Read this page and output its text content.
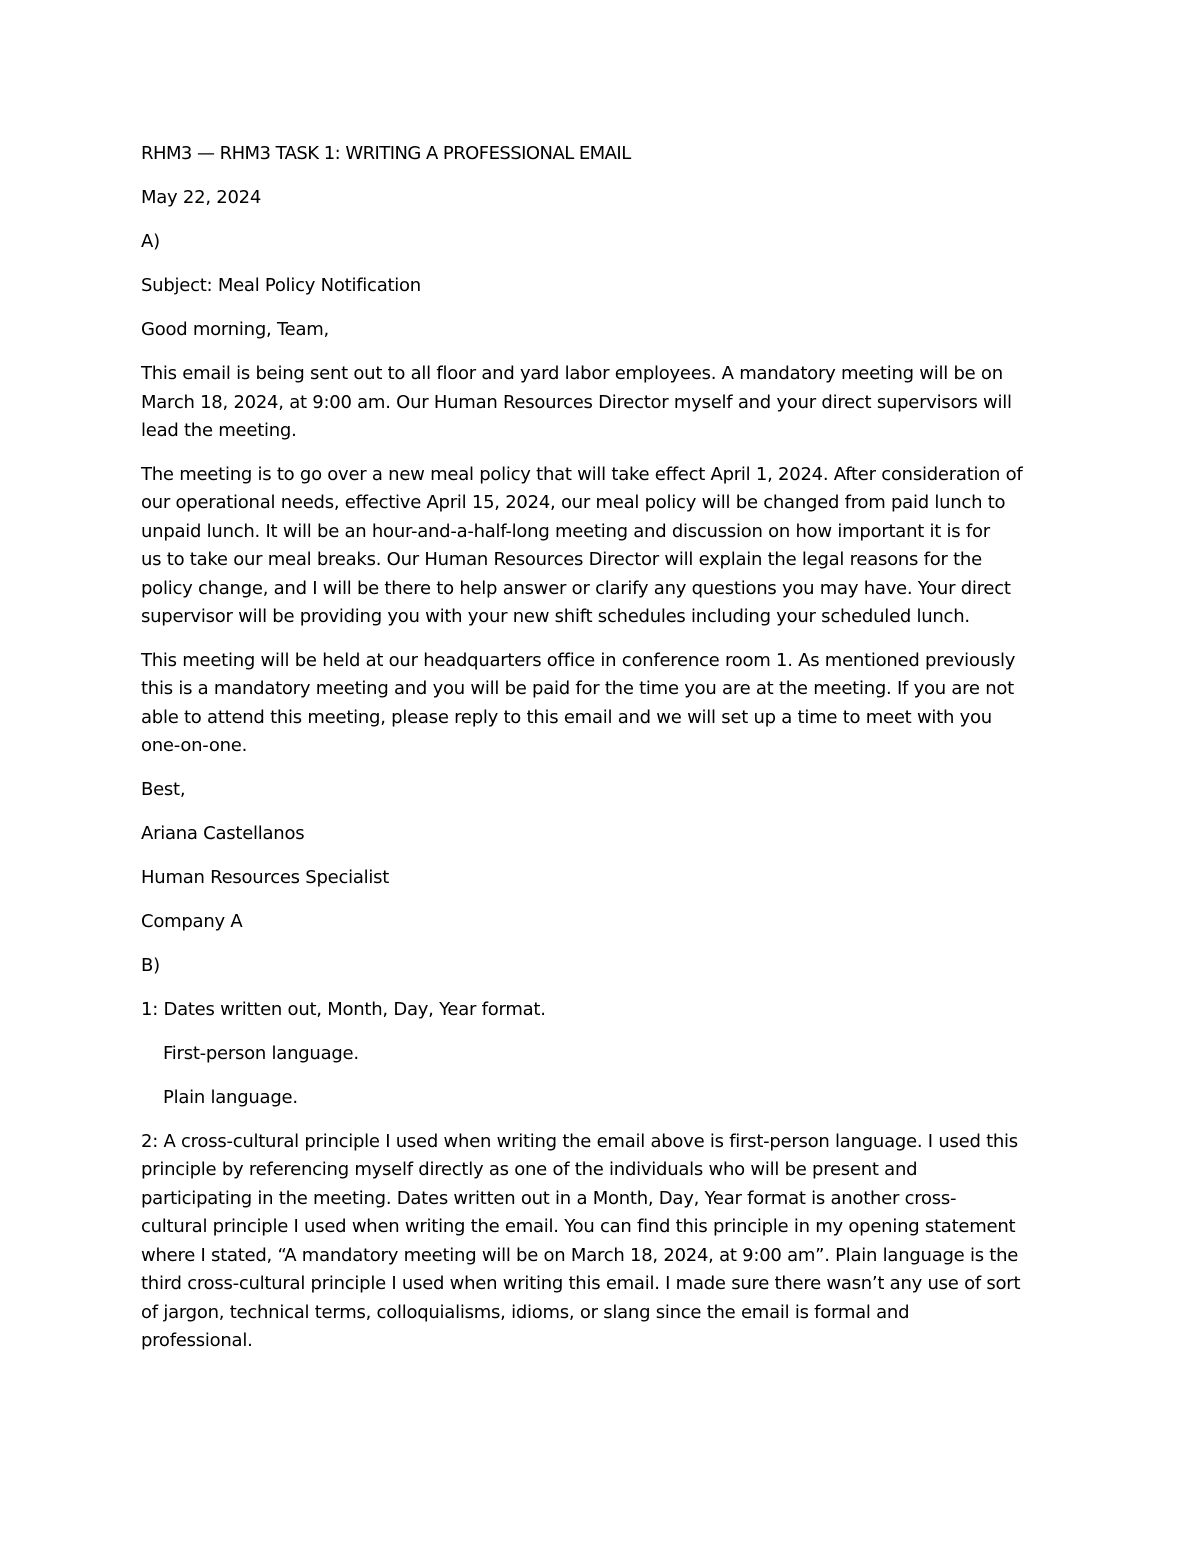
RHM3 — RHM3 TASK 1: WRITING A PROFESSIONAL EMAIL

May 22, 2024

A)

Subject: Meal Policy Notification

Good morning, Team,

This email is being sent out to all floor and yard labor employees. A mandatory meeting will be on
March 18, 2024, at 9:00 am. Our Human Resources Director myself and your direct supervisors will
lead the meeting.
The meeting is to go over a new meal policy that will take effect April 1, 2024. After consideration of
our operational needs, effective April 15, 2024, our meal policy will be changed from paid lunch to
unpaid lunch. It will be an hour-and-a-half-long meeting and discussion on how important it is for
us to take our meal breaks. Our Human Resources Director will explain the legal reasons for the
policy change, and I will be there to help answer or clarify any questions you may have. Your direct
supervisor will be providing you with your new shift schedules including your scheduled lunch.
This meeting will be held at our headquarters office in conference room 1. As mentioned previously
this is a mandatory meeting and you will be paid for the time you are at the meeting. If you are not
able to attend this meeting, please reply to this email and we will set up a time to meet with you
one-on-one.

Best,

Ariana Castellanos

Human Resources Specialist

Company A

B)

1: Dates written out, Month, Day, Year format.

First-person language.

Plain language.

2: A cross-cultural principle I used when writing the email above is first-person language. I used this
principle by referencing myself directly as one of the individuals who will be present and
participating in the meeting. Dates written out in a Month, Day, Year format is another cross-
cultural principle I used when writing the email. You can find this principle in my opening statement
where I stated, “A mandatory meeting will be on March 18, 2024, at 9:00 am”. Plain language is the
third cross-cultural principle I used when writing this email. I made sure there wasn’t any use of sort
of jargon, technical terms, colloquialisms, idioms, or slang since the email is formal and
professional.
